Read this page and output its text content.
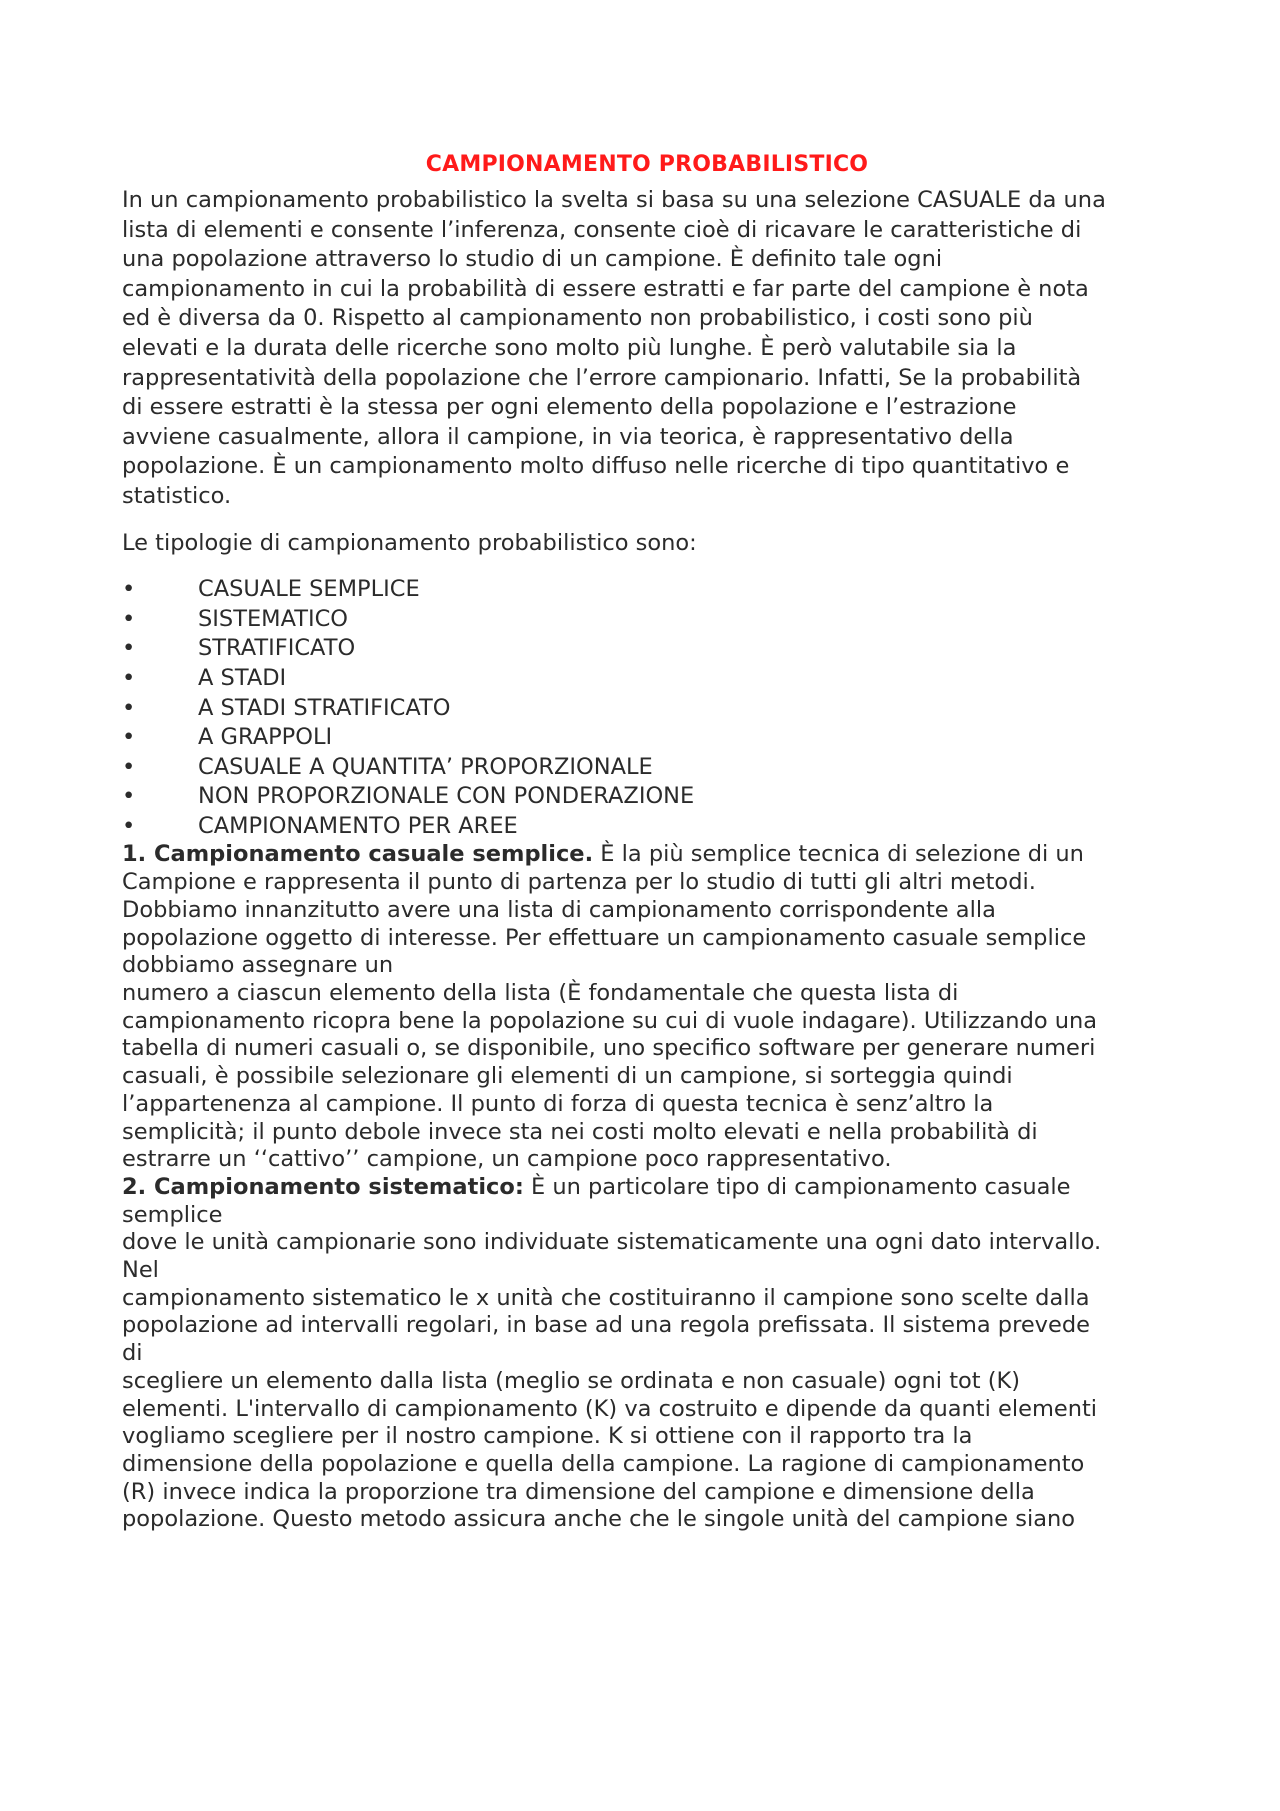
CAMPIONAMENTO PROBABILISTICO
In un campionamento probabilistico la svelta si basa su una selezione CASUALE da una
lista di elementi e consente l’inferenza, consente cioè di ricavare le caratteristiche di
una popolazione attraverso lo studio di un campione. È definito tale ogni
campionamento in cui la probabilità di essere estratti e far parte del campione è nota
ed è diversa da 0. Rispetto al campionamento non probabilistico, i costi sono più
elevati e la durata delle ricerche sono molto più lunghe. È però valutabile sia la
rappresentatività della popolazione che l’errore campionario. Infatti, Se la probabilità
di essere estratti è la stessa per ogni elemento della popolazione e l’estrazione
avviene casualmente, allora il campione, in via teorica, è rappresentativo della
popolazione. È un campionamento molto diffuso nelle ricerche di tipo quantitativo e
statistico.
Le tipologie di campionamento probabilistico sono:
•	CASUALE SEMPLICE
•	SISTEMATICO
•	STRATIFICATO
•	A STADI
•	A STADI STRATIFICATO
•	A GRAPPOLI
•	CASUALE A QUANTITA’ PROPORZIONALE
•	NON PROPORZIONALE CON PONDERAZIONE
•	CAMPIONAMENTO PER AREE
1. Campionamento casuale semplice. È la più semplice tecnica di selezione di un
Campione e rappresenta il punto di partenza per lo studio di tutti gli altri metodi.
Dobbiamo innanzitutto avere una lista di campionamento corrispondente alla
popolazione oggetto di interesse. Per effettuare un campionamento casuale semplice
dobbiamo assegnare un
numero a ciascun elemento della lista (È fondamentale che questa lista di
campionamento ricopra bene la popolazione su cui di vuole indagare). Utilizzando una
tabella di numeri casuali o, se disponibile, uno specifico software per generare numeri
casuali, è possibile selezionare gli elementi di un campione, si sorteggia quindi
l’appartenenza al campione. Il punto di forza di questa tecnica è senz’altro la
semplicità; il punto debole invece sta nei costi molto elevati e nella probabilità di
estrarre un ‘‘cattivo’’ campione, un campione poco rappresentativo.
2. Campionamento sistematico: È un particolare tipo di campionamento casuale
semplice
dove le unità campionarie sono individuate sistematicamente una ogni dato intervallo.
Nel
campionamento sistematico le x unità che costituiranno il campione sono scelte dalla
popolazione ad intervalli regolari, in base ad una regola prefissata. Il sistema prevede
di
scegliere un elemento dalla lista (meglio se ordinata e non casuale) ogni tot (K)
elementi. L'intervallo di campionamento (K) va costruito e dipende da quanti elementi
vogliamo scegliere per il nostro campione. K si ottiene con il rapporto tra la
dimensione della popolazione e quella della campione. La ragione di campionamento
(R) invece indica la proporzione tra dimensione del campione e dimensione della
popolazione. Questo metodo assicura anche che le singole unità del campione siano
